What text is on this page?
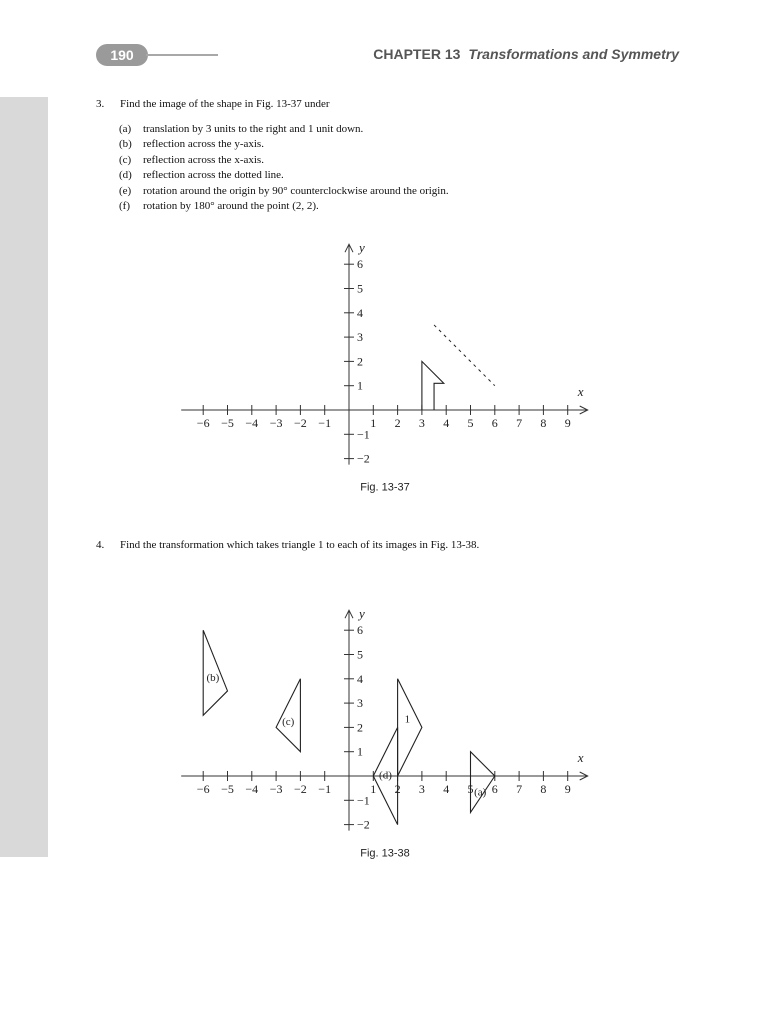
190	CHAPTER 13 Transformations and Symmetry
3. Find the image of the shape in Fig. 13-37 under
(a)	translation by 3 units to the right and 1 unit down.
(b)	reflection across the y-axis.
(c)	reflection across the x-axis.
(d)	reflection across the dotted line.
(e)	rotation around the origin by 90° counterclockwise around the origin.
(f)	rotation by 180° around the point (2, 2).
4. Find the transformation which takes triangle 1 to each of its images in Fig. 13-38.
−6 −5 −4 −3 −2 −1	1 2 3 4 5 6 7 8 9
−2
−1
1
2
3
4
5
6
y
x
Fig. 13-37
−6 −5 −4 −3 −2 −1	1 2 3 4 5 6 7 8 9
−2
−1
1
2
3
4
5
6
y
x
Fig. 13-38
1
(a)
(b)
(c)
(d)
